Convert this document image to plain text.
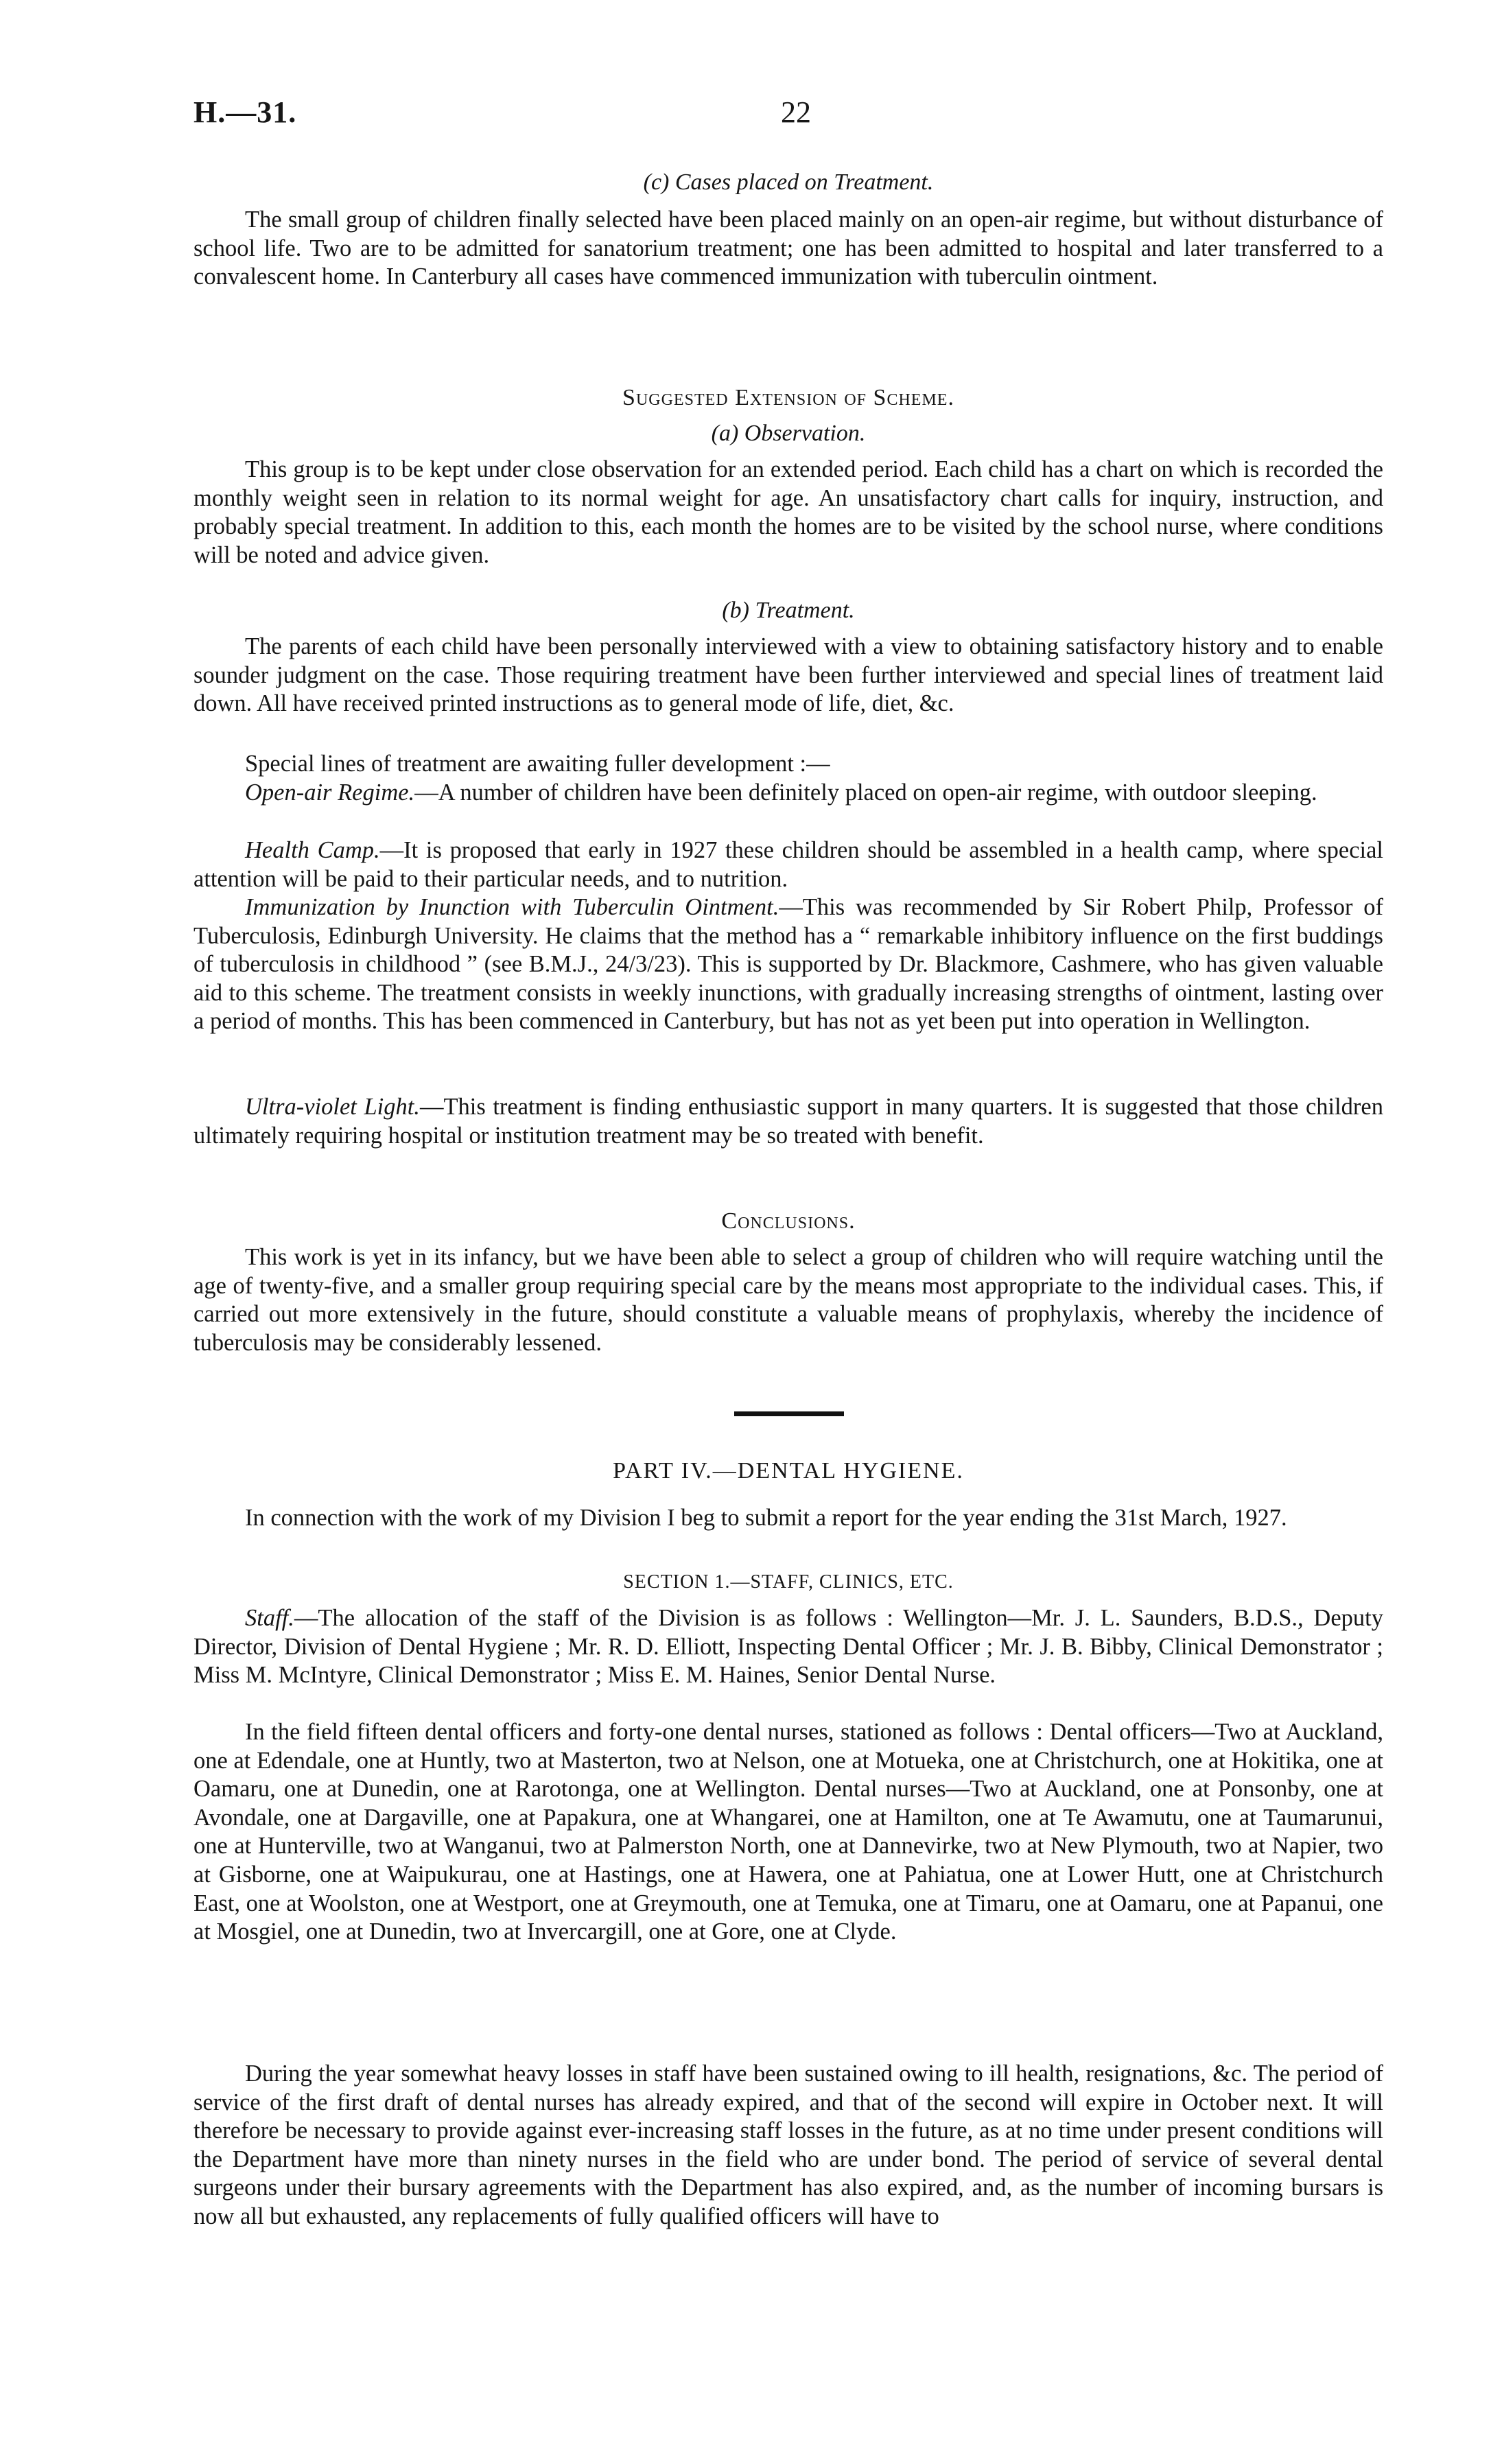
H.—31.	22
(c) Cases placed on Treatment.

The small group of children finally selected have been placed mainly on an open-air regime, but without disturbance of school life. Two are to be admitted for sanatorium treatment; one has been admitted to hospital and later transferred to a convalescent home. In Canterbury all cases have commenced immunization with tuberculin ointment.

Suggested Extension of Scheme.
(a) Observation.

This group is to be kept under close observation for an extended period. Each child has a chart on which is recorded the monthly weight seen in relation to its normal weight for age. An unsatisfactory chart calls for inquiry, instruction, and probably special treatment. In addition to this, each month the homes are to be visited by the school nurse, where conditions will be noted and advice given.

(b) Treatment.

The parents of each child have been personally interviewed with a view to obtaining satisfactory history and to enable sounder judgment on the case. Those requiring treatment have been further interviewed and special lines of treatment laid down. All have received printed instructions as to general mode of life, diet, &c.

Special lines of treatment are awaiting fuller development :—

Open-air Regime.—A number of children have been definitely placed on open-air regime, with outdoor sleeping.

Health Camp.—It is proposed that early in 1927 these children should be assembled in a health camp, where special attention will be paid to their particular needs, and to nutrition.

Immunization by Inunction with Tuberculin Ointment.—This was recommended by Sir Robert Philp, Professor of Tuberculosis, Edinburgh University. He claims that the method has a “ remarkable inhibitory influence on the first buddings of tuberculosis in childhood ” (see B.M.J., 24/3/23). This is supported by Dr. Blackmore, Cashmere, who has given valuable aid to this scheme. The treatment consists in weekly inunctions, with gradually increasing strengths of ointment, lasting over a period of months. This has been commenced in Canterbury, but has not as yet been put into operation in Wellington.

Ultra-violet Light.—This treatment is finding enthusiastic support in many quarters. It is suggested that those children ultimately requiring hospital or institution treatment may be so treated with benefit.

Conclusions.

This work is yet in its infancy, but we have been able to select a group of children who will require watching until the age of twenty-five, and a smaller group requiring special care by the means most appropriate to the individual cases. This, if carried out more extensively in the future, should constitute a valuable means of prophylaxis, whereby the incidence of tuberculosis may be considerably lessened.

PART IV.—DENTAL HYGIENE.

In connection with the work of my Division I beg to submit a report for the year ending the 31st March, 1927.

SECTION 1.—STAFF, CLINICS, ETC.

Staff.—The allocation of the staff of the Division is as follows : Wellington—Mr. J. L. Saunders, B.D.S., Deputy Director, Division of Dental Hygiene ; Mr. R. D. Elliott, Inspecting Dental Officer ; Mr. J. B. Bibby, Clinical Demonstrator ; Miss M. McIntyre, Clinical Demonstrator ; Miss E. M. Haines, Senior Dental Nurse.

In the field fifteen dental officers and forty-one dental nurses, stationed as follows : Dental officers—Two at Auckland, one at Edendale, one at Huntly, two at Masterton, two at Nelson, one at Motueka, one at Christchurch, one at Hokitika, one at Oamaru, one at Dunedin, one at Rarotonga, one at Wellington. Dental nurses—Two at Auckland, one at Ponsonby, one at Avondale, one at Dargaville, one at Papakura, one at Whangarei, one at Hamilton, one at Te Awamutu, one at Taumarunui, one at Hunterville, two at Wanganui, two at Palmerston North, one at Dannevirke, two at New Plymouth, two at Napier, two at Gisborne, one at Waipukurau, one at Hastings, one at Hawera, one at Pahiatua, one at Lower Hutt, one at Christchurch East, one at Woolston, one at Westport, one at Greymouth, one at Temuka, one at Timaru, one at Oamaru, one at Papanui, one at Mosgiel, one at Dunedin, two at Invercargill, one at Gore, one at Clyde.

During the year somewhat heavy losses in staff have been sustained owing to ill health, resignations, &c. The period of service of the first draft of dental nurses has already expired, and that of the second will expire in October next. It will therefore be necessary to provide against ever-increasing staff losses in the future, as at no time under present conditions will the Department have more than ninety nurses in the field who are under bond. The period of service of several dental surgeons under their bursary agreements with the Department has also expired, and, as the number of incoming bursars is now all but exhausted, any replacements of fully qualified officers will have to
